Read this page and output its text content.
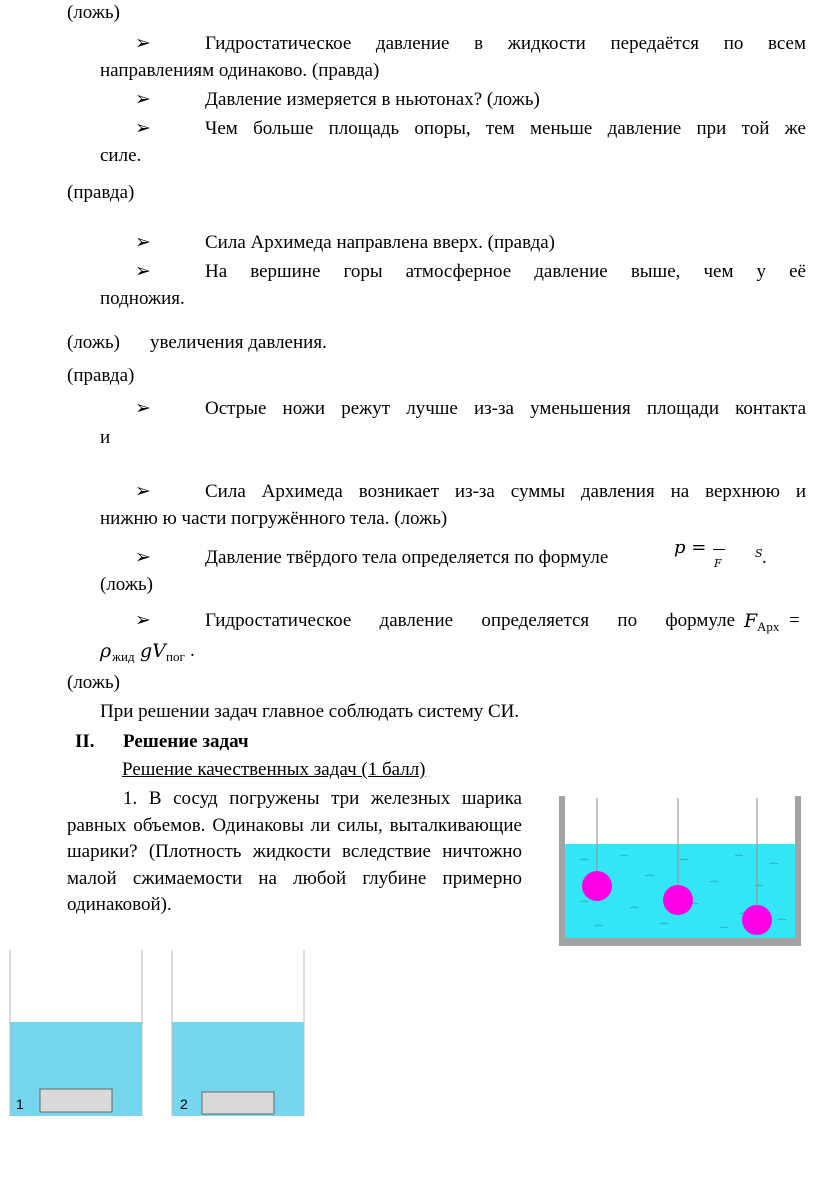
(ложь)
➢	Гидростатическое давление в жидкости передаётся по всем
направлениям одинаково. (правда)
➢	Давление измеряется в ньютонах? (ложь)
➢	Чем больше площадь опоры, тем меньше давление при той же
силе.
(правда)
➢	Сила Архимеда направлена вверх. (правда)
➢	На вершине горы атмосферное давление выше, чем у её
подножия.
(ложь) увеличения давления.
(правда)
➢	Острые ножи режут лучше из-за уменьшения площади контакта
и
➢	Сила Архимеда возникает из-за суммы давления на верхнюю и
нижню ю части погружённого тела. (ложь)
➢	Давление твёрдого тела определяется по формуле	p =
F
S .
(ложь)
➢	Гидростатическое давление определяется по формуле F Арх =
ρ жид gV пог .
(ложь)
При решении задач главное соблюдать систему СИ.
II. Решение задач
Решение качественных задач (1 балл)
1. В сосуд погружены три железных шарика равных объемов. Одинаковы ли силы, выталкивающие шарики? (Плотность жидкости вследствие ничтожно малой сжимаемости на любой глубине примерно одинаковой).
1	2
